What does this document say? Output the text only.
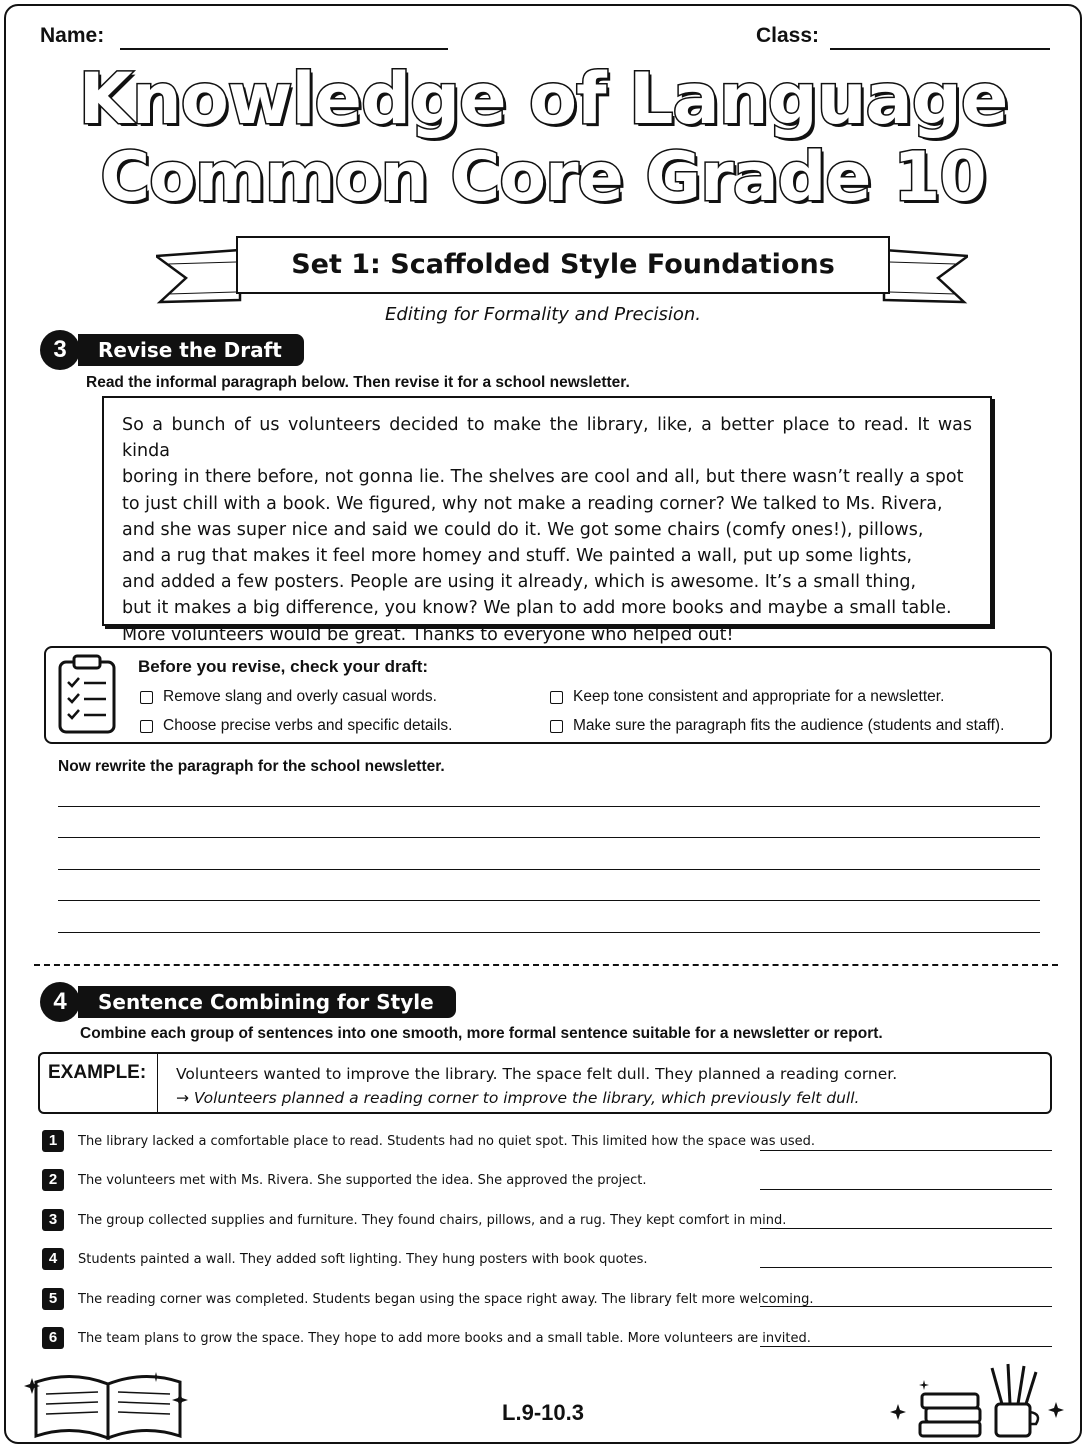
Name:	Class:
Knowledge of Language
Common Core Grade 10
Set 1: Scaffolded Style Foundations
Editing for Formality and Precision.
3	Revise the Draft
Read the informal paragraph below. Then revise it for a school newsletter.
So a bunch of us volunteers decided to make the library, like, a better place to read. It was kinda
boring in there before, not gonna lie. The shelves are cool and all, but there wasn’t really a spot
to just chill with a book. We figured, why not make a reading corner? We talked to Ms. Rivera,
and she was super nice and said we could do it. We got some chairs (comfy ones!), pillows,
and a rug that makes it feel more homey and stuff. We painted a wall, put up some lights,
and added a few posters. People are using it already, which is awesome. It’s a small thing,
but it makes a big difference, you know? We plan to add more books and maybe a small table.
More volunteers would be great. Thanks to everyone who helped out!
Before you revise, check your draft:
Remove slang and overly casual words.	Keep tone consistent and appropriate for a newsletter.
Choose precise verbs and specific details.	Make sure the paragraph fits the audience (students and staff).
Now rewrite the paragraph for the school newsletter.
4	Sentence Combining for Style
Combine each group of sentences into one smooth, more formal sentence suitable for a newsletter or report.
EXAMPLE:	Volunteers wanted to improve the library. The space felt dull. They planned a reading corner.
→ Volunteers planned a reading corner to improve the library, which previously felt dull.
1	The library lacked a comfortable place to read. Students had no quiet spot. This limited how the space was used.
2	The volunteers met with Ms. Rivera. She supported the idea. She approved the project.
3	The group collected supplies and furniture. They found chairs, pillows, and a rug. They kept comfort in mind.
4	Students painted a wall. They added soft lighting. They hung posters with book quotes.
5	The reading corner was completed. Students began using the space right away. The library felt more welcoming.
6	The team plans to grow the space. They hope to add more books and a small table. More volunteers are invited.
L.9-10.3
